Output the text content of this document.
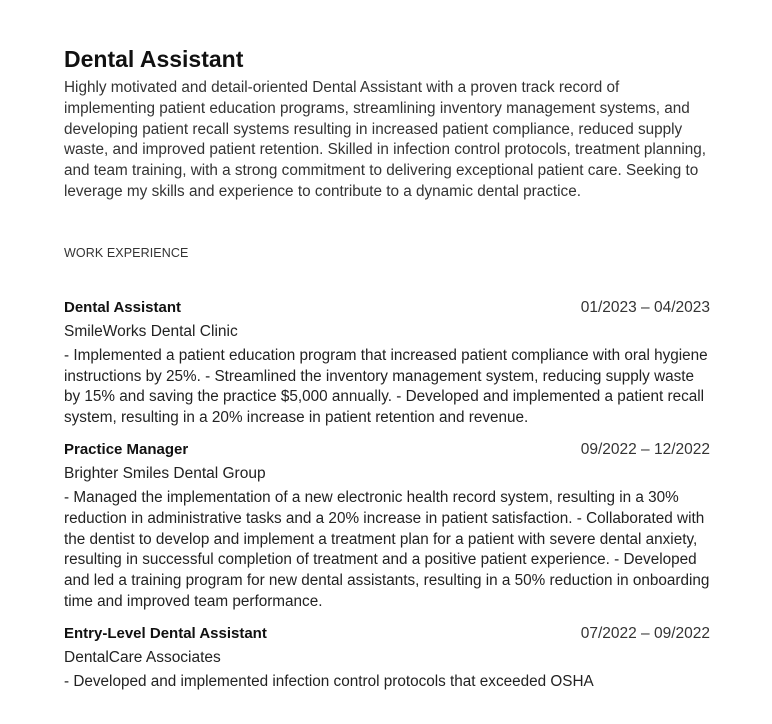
Dental Assistant

Highly motivated and detail-oriented Dental Assistant with a proven track record of implementing patient education programs, streamlining inventory management systems, and developing patient recall systems resulting in increased patient compliance, reduced supply waste, and improved patient retention. Skilled in infection control protocols, treatment planning, and team training, with a strong commitment to delivering exceptional patient care. Seeking to leverage my skills and experience to contribute to a dynamic dental practice.

WORK EXPERIENCE
Dental Assistant	01/2023 – 04/2023
SmileWorks Dental Clinic
- Implemented a patient education program that increased patient compliance with oral hygiene instructions by 25%. - Streamlined the inventory management system, reducing supply waste by 15% and saving the practice $5,000 annually. - Developed and implemented a patient recall system, resulting in a 20% increase in patient retention and revenue.
Practice Manager	09/2022 – 12/2022
Brighter Smiles Dental Group
- Managed the implementation of a new electronic health record system, resulting in a 30% reduction in administrative tasks and a 20% increase in patient satisfaction. - Collaborated with the dentist to develop and implement a treatment plan for a patient with severe dental anxiety, resulting in successful completion of treatment and a positive patient experience. - Developed and led a training program for new dental assistants, resulting in a 50% reduction in onboarding time and improved team performance.
Entry-Level Dental Assistant	07/2022 – 09/2022
DentalCare Associates
- Developed and implemented infection control protocols that exceeded OSHA
